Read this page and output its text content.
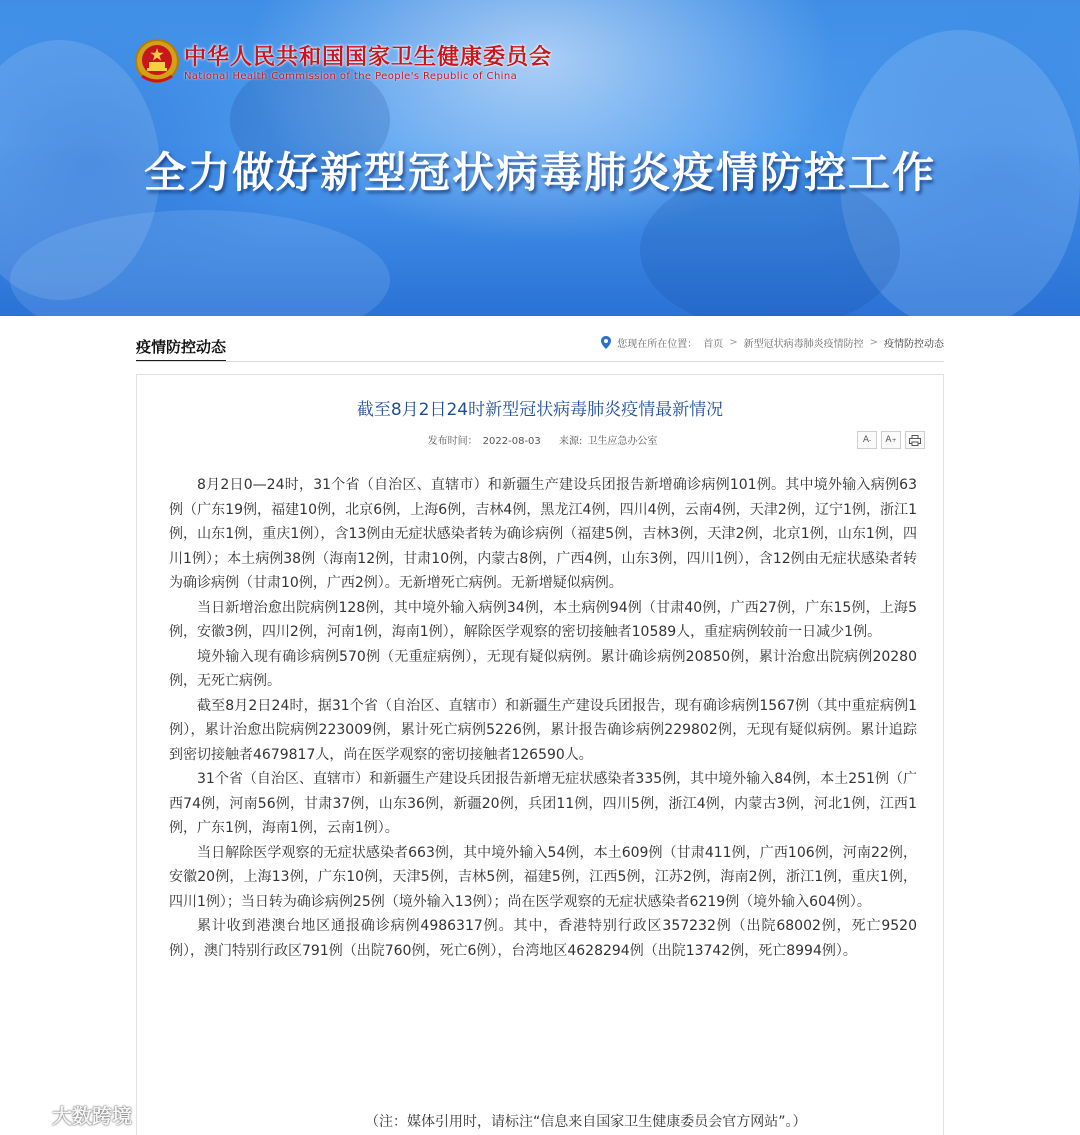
中华人民共和国国家卫生健康委员会
National Health Commission of the People's Republic of China
全力做好新型冠状病毒肺炎疫情防控工作
疫情防控动态	您现在所在位置： 首页 > 新型冠状病毒肺炎疫情防控 > 疫情防控动态
截至8月2日24时新型冠状病毒肺炎疫情最新情况
发布时间： 2022-08-03 来源: 卫生应急办公室	A -	A +

8月2日0—24时，31个省（自治区、直辖市）和新疆生产建设兵团报告新增确诊病例101例。其中境外输入病例63例（广东19例，福建10例，北京6例，上海6例，吉林4例，黑龙江4例，四川4例，云南4例，天津2例，辽宁1例，浙江1例，山东1例，重庆1例），含13例由无症状感染者转为确诊病例（福建5例，吉林3例，天津2例，北京1例，山东1例，四川1例）；本土病例38例（海南12例，甘肃10例，内蒙古8例，广西4例，山东3例，四川1例），含12例由无症状感染者转为确诊病例（甘肃10例，广西2例）。无新增死亡病例。无新增疑似病例。

当日新增治愈出院病例128例，其中境外输入病例34例，本土病例94例（甘肃40例，广西27例，广东15例，上海5例，安徽3例，四川2例，河南1例，海南1例），解除医学观察的密切接触者10589人，重症病例较前一日减少1例。

境外输入现有确诊病例570例（无重症病例），无现有疑似病例。累计确诊病例20850例，累计治愈出院病例20280例，无死亡病例。

截至8月2日24时，据31个省（自治区、直辖市）和新疆生产建设兵团报告，现有确诊病例1567例（其中重症病例1例），累计治愈出院病例223009例，累计死亡病例5226例，累计报告确诊病例229802例，无现有疑似病例。累计追踪到密切接触者4679817人，尚在医学观察的密切接触者126590人。

31个省（自治区、直辖市）和新疆生产建设兵团报告新增无症状感染者335例，其中境外输入84例，本土251例（广西74例，河南56例，甘肃37例，山东36例，新疆20例，兵团11例，四川5例，浙江4例，内蒙古3例，河北1例，江西1例，广东1例，海南1例，云南1例）。

当日解除医学观察的无症状感染者663例，其中境外输入54例，本土609例（甘肃411例，广西106例，河南22例，安徽20例，上海13例，广东10例，天津5例，吉林5例，福建5例，江西5例，江苏2例，海南2例，浙江1例，重庆1例，四川1例）；当日转为确诊病例25例（境外输入13例）；尚在医学观察的无症状感染者6219例（境外输入604例）。

累计收到港澳台地区通报确诊病例4986317例。其中，香港特别行政区357232例（出院68002例，死亡9520例），澳门特别行政区791例（出院760例，死亡6例），台湾地区4628294例（出院13742例，死亡8994例）。

（注：媒体引用时，请标注“信息来自国家卫生健康委员会官方网站”。）
大数跨境
